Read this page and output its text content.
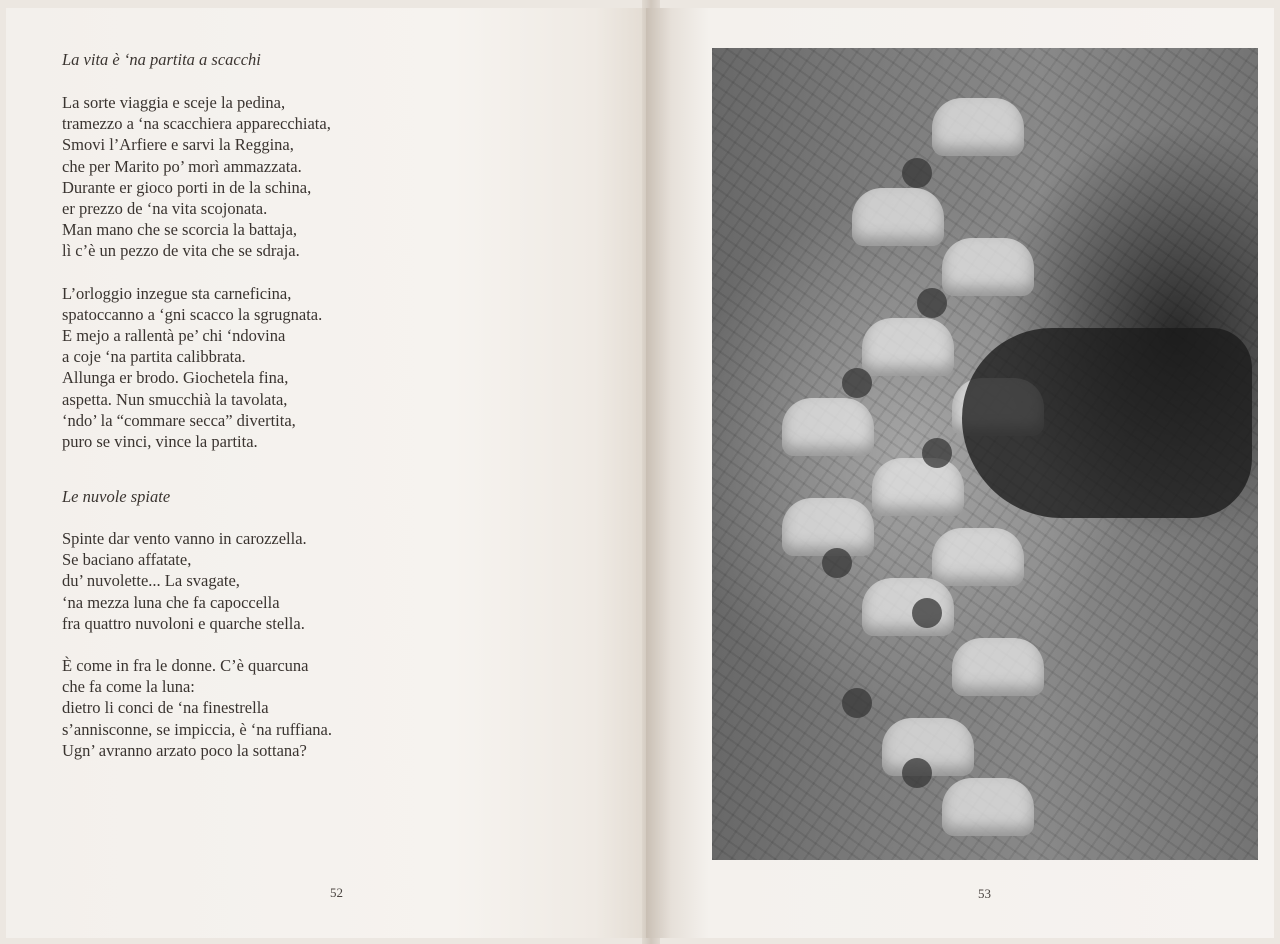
La vita è ‘na partita a scacchi

La sorte viaggia e sceje la pedina,
tramezzo a ‘na scacchiera apparecchiata,
Smovi l’Arfiere e sarvi la Reggina,
che per Marito po’ morì ammazzata.
Durante er gioco porti in de la schina,
er prezzo de ‘na vita scojonata.
Man mano che se scorcia la battaja,
lì c’è un pezzo de vita che se sdraja.
L’orloggio inzegue sta carneficina,
spatoccanno a ‘gni scacco la sgrugnata.
E mejo a rallentà pe’ chi ‘ndovina
a coje ‘na partita calibbrata.
Allunga er brodo. Giochetela fina,
aspetta. Nun smucchià la tavolata,
‘ndo’ la “commare secca” divertita,
puro se vinci, vince la partita.

Le nuvole spiate

Spinte dar vento vanno in carozzella.
Se baciano affatate,
du’ nuvolette... La svagate,
‘na mezza luna che fa capoccella
fra quattro nuvoloni e quarche stella.
È come in fra le donne. C’è quarcuna
che fa come la luna:
dietro li conci de ‘na finestrella
s’annisconne, se impiccia, è ‘na ruffiana.
Ugn’ avranno arzato poco la sottana?
52	53
